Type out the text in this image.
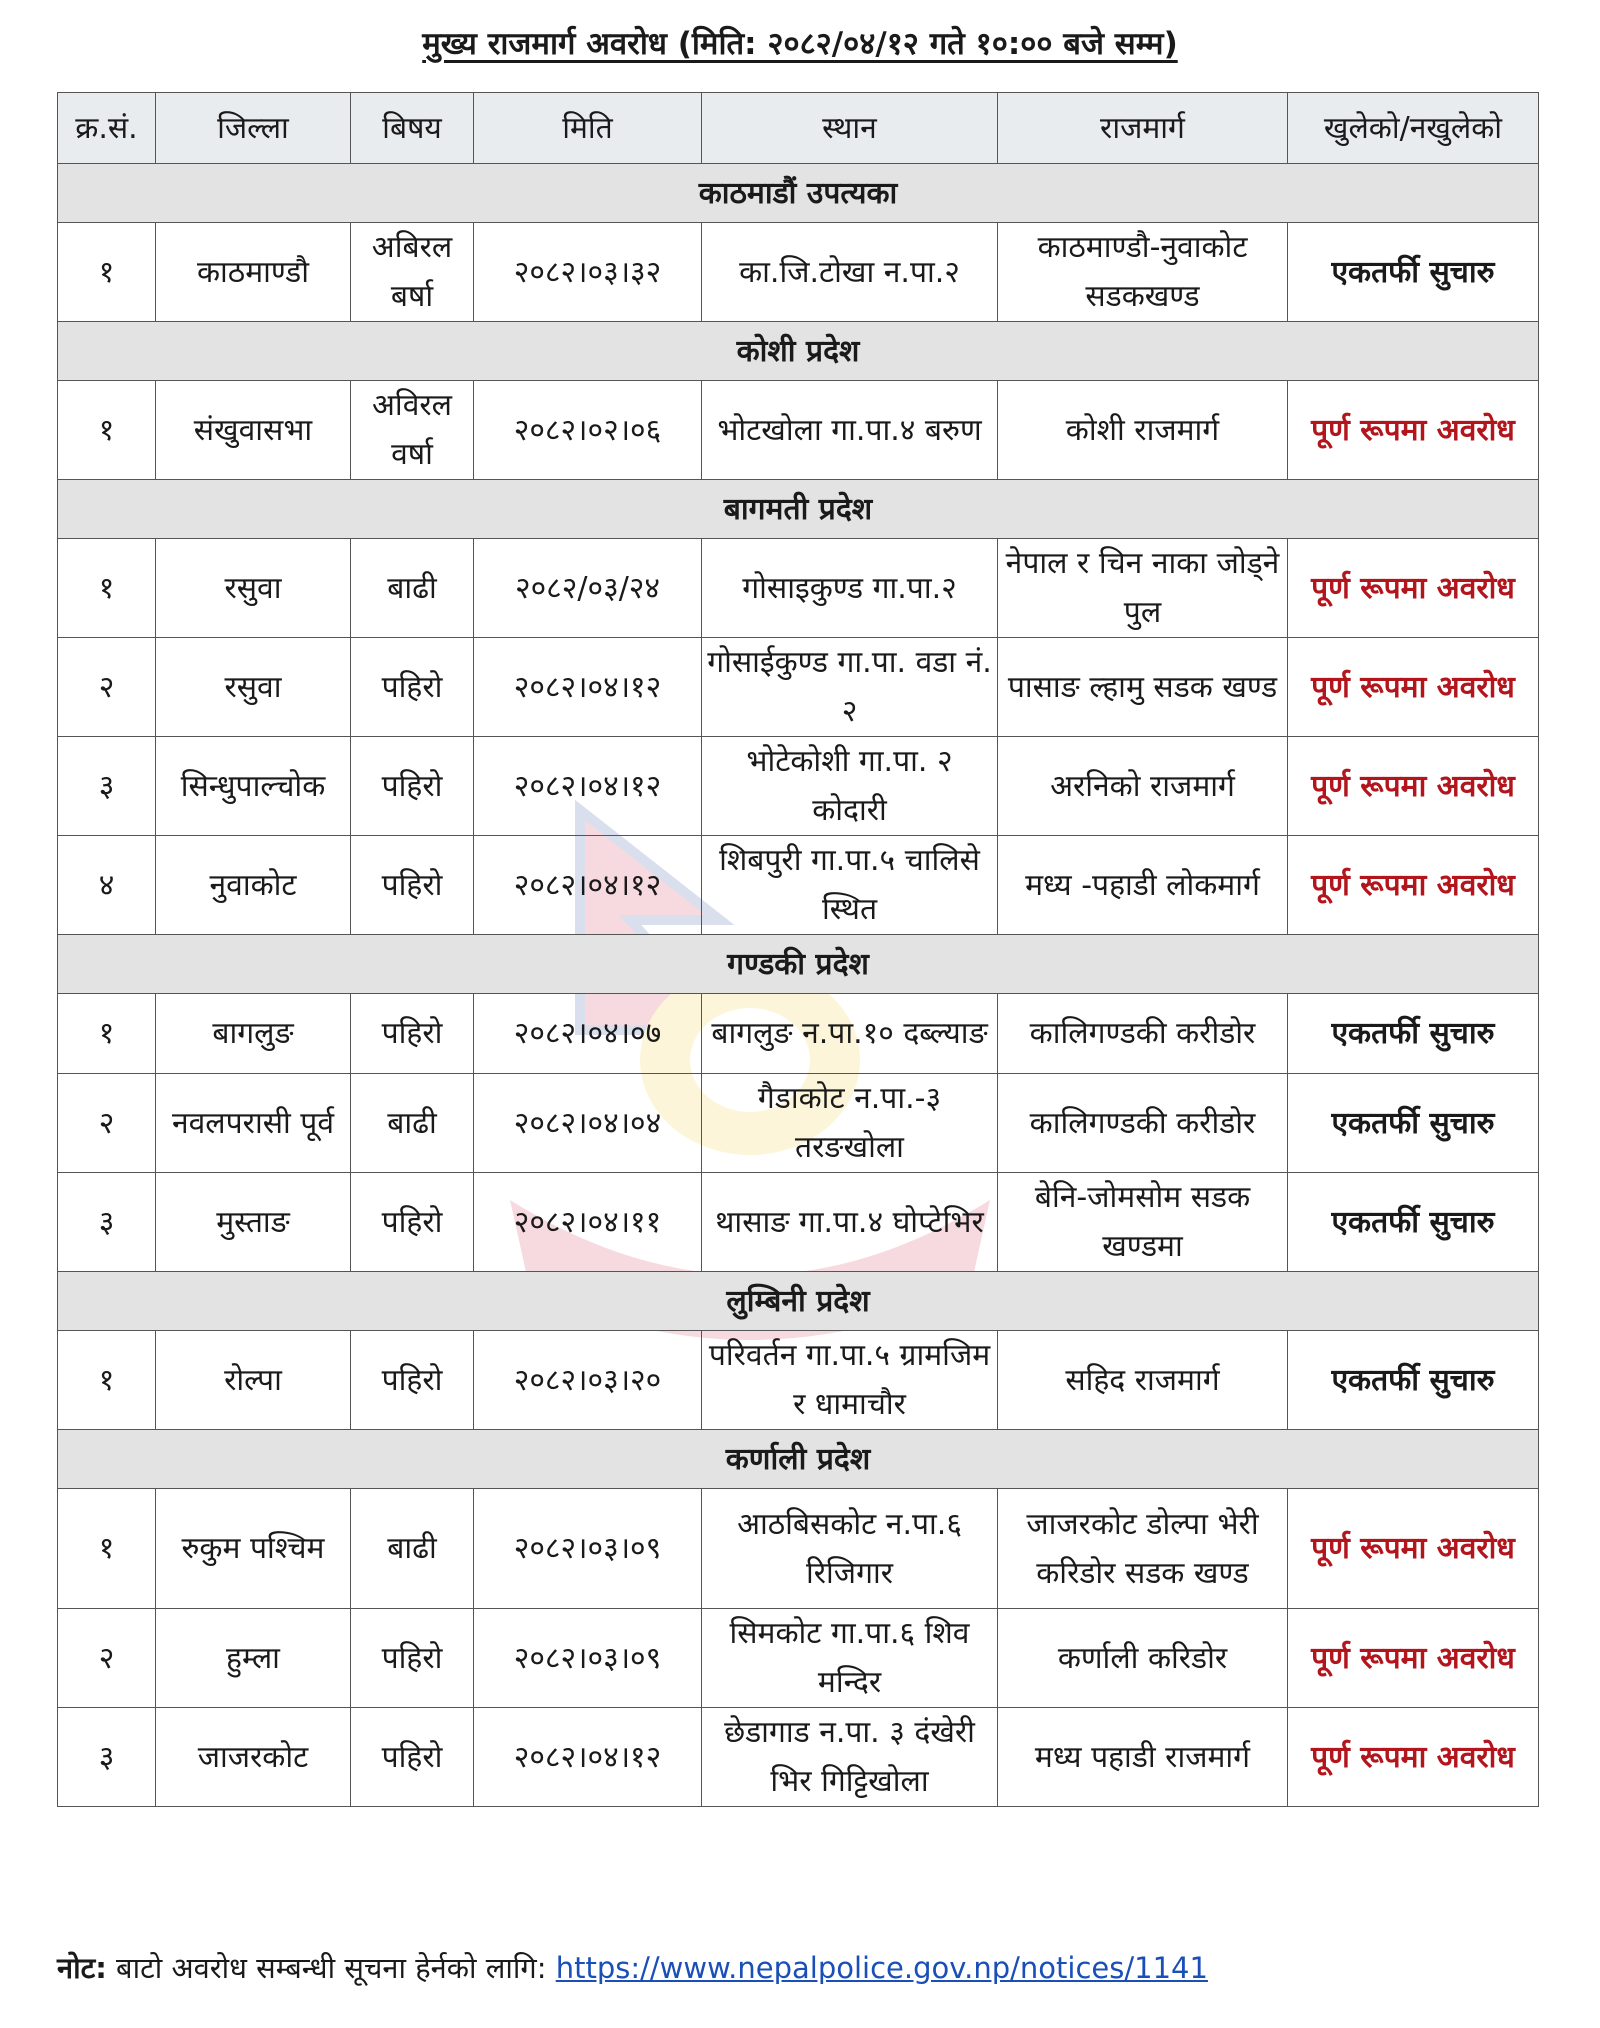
मुख्य राजमार्ग अवरोध (मिति: २०८२/०४/१२ गते १०:०० बजे सम्म)
क्र.सं.	जिल्ला	बिषय	मिति	स्थान	राजमार्ग	खुलेको/नखुलेको
काठमाडौं उपत्यका						
१	काठमाण्डौ	अबिरल बर्षा	२०८२।०३।३२	का.जि.टोखा न.पा.२	काठमाण्डौ-नुवाकोट सडकखण्ड	एकतर्फी सुचारु
कोशी प्रदेश						
१	संखुवासभा	अविरल वर्षा	२०८२।०२।०६	भोटखोला गा.पा.४ बरुण	कोशी राजमार्ग	पूर्ण रूपमा अवरोध
बागमती प्रदेश						
१	रसुवा	बाढी	२०८२/०३/२४	गोसाइकुण्ड गा.पा.२	नेपाल र चिन नाका जोड्ने पुल	पूर्ण रूपमा अवरोध
२	रसुवा	पहिरो	२०८२।०४।१२	गोसाईकुण्ड गा.पा. वडा नं. २	पासाङ ल्हामु सडक खण्ड	पूर्ण रूपमा अवरोध
३	सिन्धुपाल्चोक	पहिरो	२०८२।०४।१२	भोटेकोशी गा.पा. २ कोदारी	अरनिको राजमार्ग	पूर्ण रूपमा अवरोध
४	नुवाकोट	पहिरो	२०८२।०४।१२	शिबपुरी गा.पा.५ चालिसे स्थित	मध्य -पहाडी लोकमार्ग	पूर्ण रूपमा अवरोध
गण्डकी प्रदेश						
१	बागलुङ	पहिरो	२०८२।०४।०७	बागलुङ न.पा.१० दब्ल्याङ	कालिगण्डकी करीडोर	एकतर्फी सुचारु
२	नवलपरासी पूर्व	बाढी	२०८२।०४।०४	गैडाकोट न.पा.-३ तरङखोला	कालिगण्डकी करीडोर	एकतर्फी सुचारु
३	मुस्ताङ	पहिरो	२०८२।०४।११	थासाङ गा.पा.४ घोप्टेभिर	बेनि-जोमसोम सडक खण्डमा	एकतर्फी सुचारु
लुम्बिनी प्रदेश						
१	रोल्पा	पहिरो	२०८२।०३।२०	परिवर्तन गा.पा.५ ग्रामजिम र धामाचौर	सहिद राजमार्ग	एकतर्फी सुचारु
कर्णाली प्रदेश						
१	रुकुम पश्चिम	बाढी	२०८२।०३।०९	आठबिसकोट न.पा.६ रिजिगार	जाजरकोट डोल्पा भेरी करिडोर सडक खण्ड	पूर्ण रूपमा अवरोध
२	हुम्ला	पहिरो	२०८२।०३।०९	सिमकोट गा.पा.६ शिव मन्दिर	कर्णाली करिडोर	पूर्ण रूपमा अवरोध
३	जाजरकोट	पहिरो	२०८२।०४।१२	छेडागाड न.पा. ३ दंखेरी भिर गिट्टिखोला	मध्य पहाडी राजमार्ग	पूर्ण रूपमा अवरोध
नोट: बाटो अवरोध सम्बन्धी सूचना हेर्नको लागि: https://www.nepalpolice.gov.np/notices/1141
